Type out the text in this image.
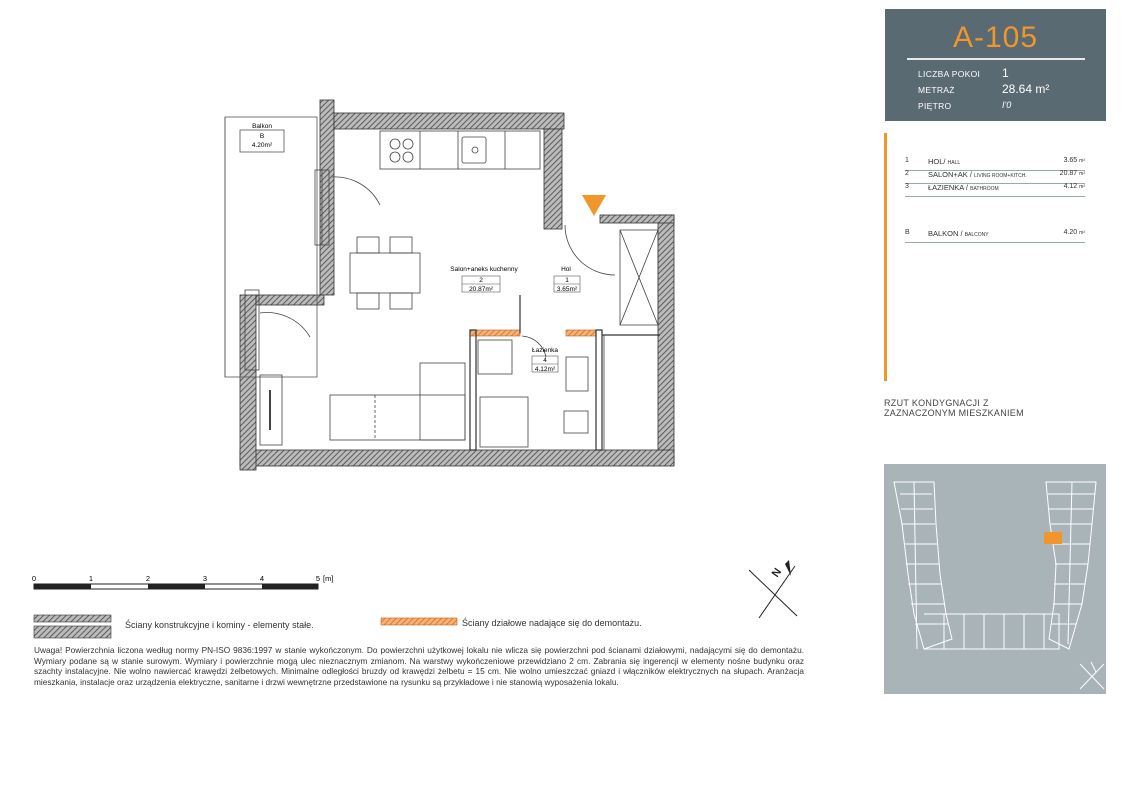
A-105
LICZBA POKOI 1
METRAŻ	28.64 m²
PIĘTRO	I'0
1	HOL/ HALL	3.65 m²
2	SALON+AK / LIVING ROOM+KITCH.	20.87 m²
3	ŁAZIENKA / BATHROOM	4.12 m²
B BALKON / BALCONY	4.20 m²
RZUT KONDYGNACJI Z
ZAZNACZONYM MIESZKANIEM
Balkon
B
4.20m²
Salon+aneks kuchenny
2
20.87m²
Hol
1
3.65m²
Łazienka
4
4.12m²
0	1	2	3	4	5 [m]	N
Ściany konstrukcyjne i kominy - elementy stałe.	Ściany działowe nadające się do demontażu.
Uwaga! Powierzchnia liczona według normy PN-ISO 9836:1997 w stanie wykończonym. Do powierzchni użytkowej lokalu nie wlicza się powierzchni pod ścianami działowymi, nadającymi się do demontażu. Wymiary podane są w stanie surowym. Wymiary i powierzchnie mogą ulec nieznacznym zmianom. Na warstwy wykończeniowe przewidziano 2 cm. Zabrania się ingerencji w elementy nośne budynku oraz szachty instalacyjne. Nie wolno nawiercać krawędzi żelbetowych. Minimalne odległości bruzdy od krawędzi żelbetu = 15 cm. Nie wolno umieszczać gniazd i włączników elektrycznych na słupach. Aranżacja mieszkania, instalacje oraz urządzenia elektryczne, sanitarne i drzwi wewnętrzne przedstawione na rysunku są przykładowe i nie stanowią wyposażenia lokalu.
